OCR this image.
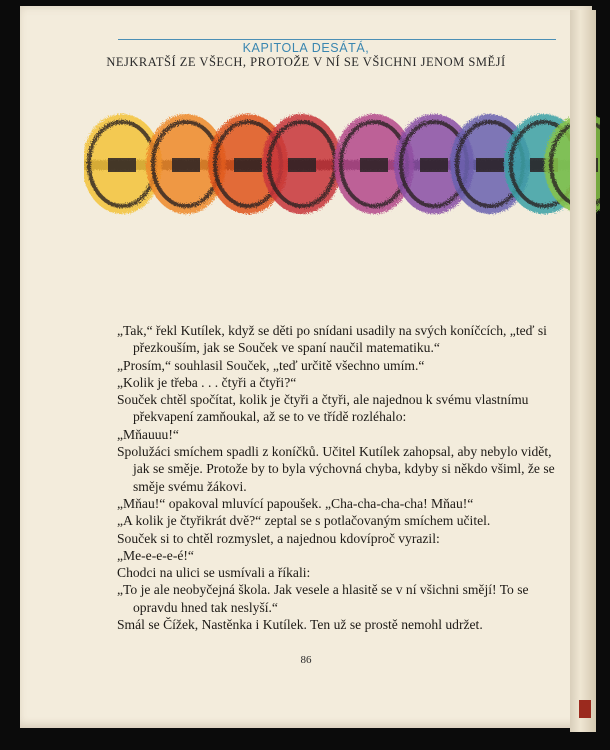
KAPITOLA DESÁTÁ,
NEJKRATŠÍ ZE VŠECH, PROTOŽE V NÍ SE VŠICHNI JENOM SMĚJÍ

„Tak,“ řekl Kutílek, když se děti po snídani usadily na svých koníčcích, „teď si přezkouším, jak se Souček ve spaní naučil matematiku.“

„Prosím,“ souhlasil Souček, „teď určitě všechno umím.“

„Kolik je třeba . . . čtyři a čtyři?“

Souček chtěl spočítat, kolik je čtyři a čtyři, ale najednou k svému vlastnímu překvapení zamňoukal, až se to ve třídě rozléhalo:

„Mňauuu!“

Spolužáci smíchem spadli z koníčků. Učitel Kutílek zahopsal, aby nebylo vidět, jak se směje. Protože by to byla výchovná chyba, kdyby si někdo všiml, že se směje svému žákovi.

„Mňau!“ opakoval mluvící papoušek. „Cha-cha-cha-cha! Mňau!“

„A kolik je čtyřikrát dvě?“ zeptal se s potlačovaným smíchem učitel.

Souček si to chtěl rozmyslet, a najednou kdovíproč vyrazil:

„Me-e-e-e-é!“

Chodci na ulici se usmívali a říkali:

„To je ale neobyčejná škola. Jak vesele a hlasitě se v ní všichni smějí! To se opravdu hned tak neslyší.“

Smál se Čížek, Nastěnka i Kutílek. Ten už se prostě nemohl udržet.

86
